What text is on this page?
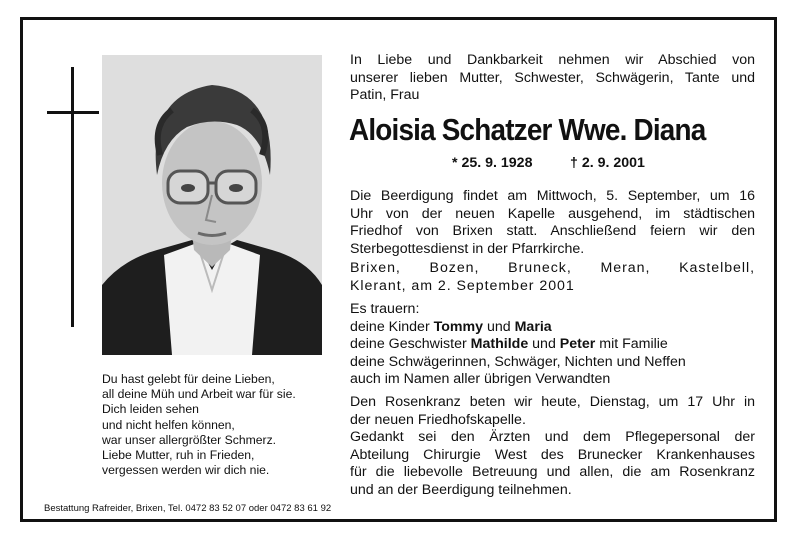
Du hast gelebt für deine Lieben,
all deine Müh und Arbeit war für sie.
Dich leiden sehen
und nicht helfen können,
war unser allergrößter Schmerz.
Liebe Mutter, ruh in Frieden,
vergessen werden wir dich nie.
Bestattung Rafreider, Brixen, Tel. 0472 83 52 07 oder 0472 83 61 92
In Liebe und Dankbarkeit nehmen wir Abschied von
unserer lieben Mutter, Schwester, Schwägerin, Tante und
Patin, Frau
Aloisia Schatzer Wwe. Diana
* 25. 9. 1928	† 2. 9. 2001
Die Beerdigung findet am Mittwoch, 5. September, um 16
Uhr von der neuen Kapelle ausgehend, im städtischen
Friedhof von Brixen statt. Anschließend feiern wir den
Sterbegottesdienst in der Pfarrkirche.
Brixen, Bozen, Bruneck, Meran, Kastelbell,
Klerant, am 2. September 2001
Es trauern:
deine Kinder Tommy und Maria
deine Geschwister Mathilde und Peter mit Familie
deine Schwägerinnen, Schwäger, Nichten und Neffen
auch im Namen aller übrigen Verwandten
Den Rosenkranz beten wir heute, Dienstag, um 17 Uhr in
der neuen Friedhofskapelle.
Gedankt sei den Ärzten und dem Pflegepersonal der
Abteilung Chirurgie West des Brunecker Krankenhauses
für die liebevolle Betreuung und allen, die am Rosenkranz
und an der Beerdigung teilnehmen.
